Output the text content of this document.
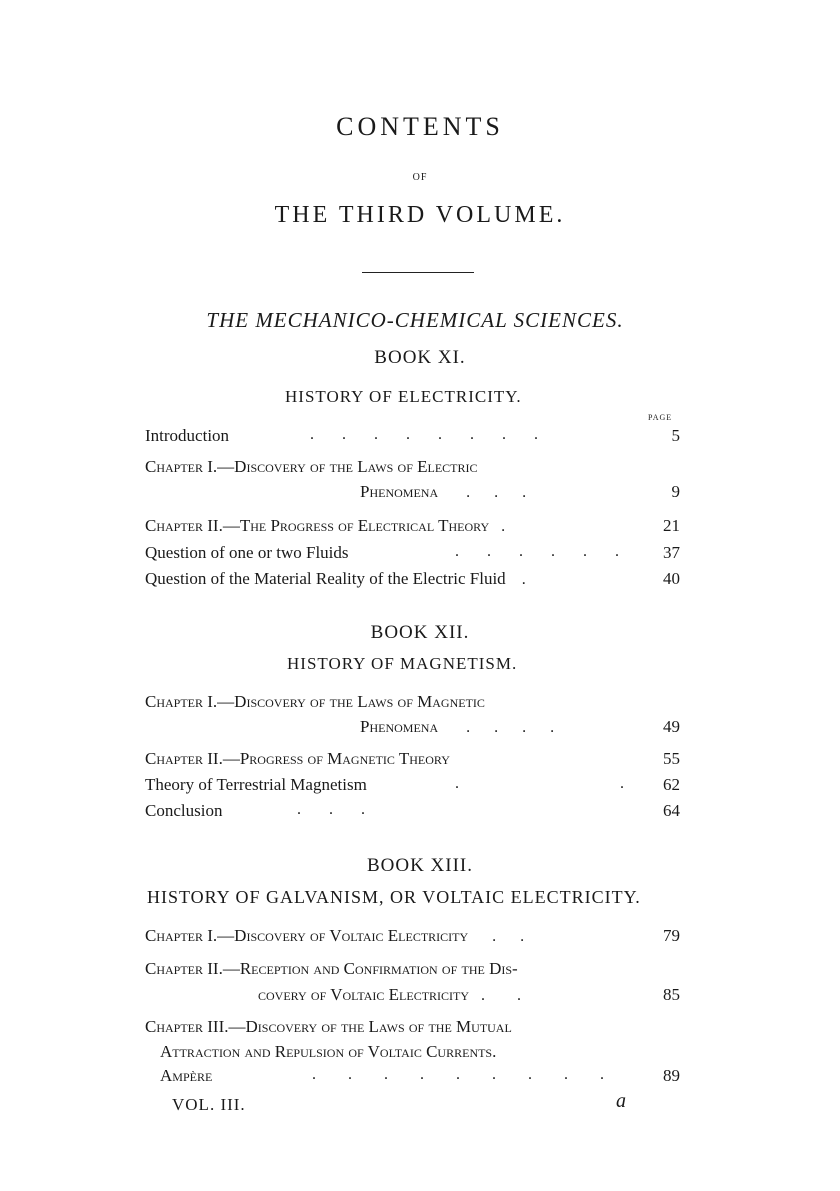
CONTENTS
OF
THE THIRD VOLUME.
THE MECHANICO-CHEMICAL SCIENCES.
BOOK XI.
HISTORY OF ELECTRICITY.
PAGE
Introduction	.       .       .       .       .       .       .       .	5
Chapter I.—Discovery of the Laws of Electric
Phenomena       .      .      .	9
Chapter II.—The Progress of Electrical Theory   .	21
Question of one or two Fluids	.       .       .       .       .       .	37
Question of the Material Reality of the Electric Fluid    .	40
BOOK XII.
HISTORY OF MAGNETISM.
Chapter I.—Discovery of the Laws of Magnetic
Phenomena       .      .      .      .	49
Chapter II.—Progress of Magnetic Theory	55
Theory of Terrestrial Magnetism	.	.	62
Conclusion	.       .       .	64
BOOK XIII.
HISTORY OF GALVANISM, OR VOLTAIC ELECTRICITY.
Chapter I.—Discovery of Voltaic Electricity      .      .	79
Chapter II.—Reception and Confirmation of the Dis-
covery of Voltaic Electricity   .        .	85
Chapter III.—Discovery of the Laws of the Mutual
Attraction and Repulsion of Voltaic Currents.
Ampère	.        .        .        .        .        .        .        .        .	89
VOL. III.	a
